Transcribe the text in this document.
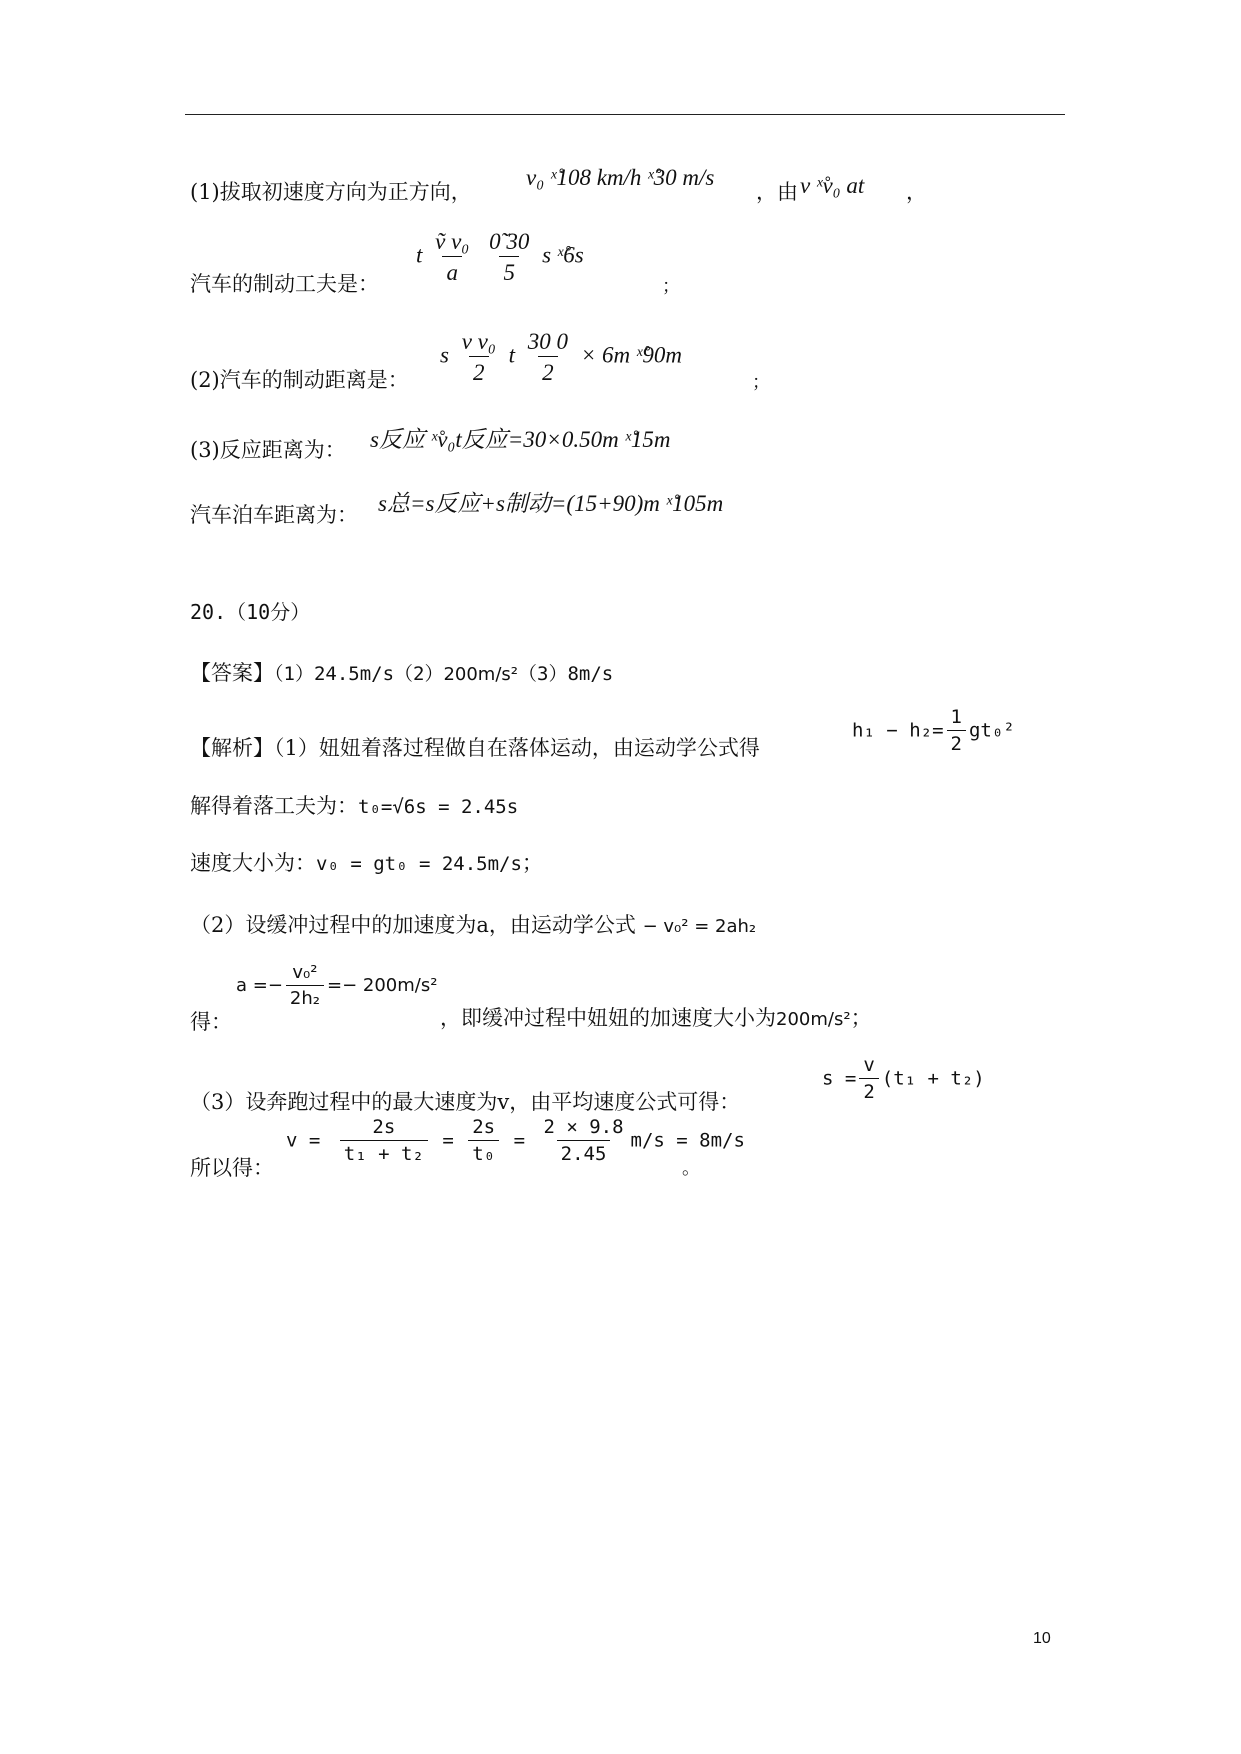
(1)拔取初速度方向为正方向，
v₀ ˣ̊108 km/h ˣ̊30 m/s
，由 v ˣ̊v₀ at ，
汽车的制动工夫是：
t $\frac{\text{ṽ v₀}}{a}$
$\frac{0̃ 30}{5}$ s ˣ̊6s
；
(2)汽车的制动距离是：
s $\frac{\text{v v₀}}{2}$ t $\frac{30 0}{2} \times 6m$ ˣ̊90m
；
(3)反应距离为： s反应 ˣ̊v₀t反应=30×0.50m ˣ̊15m
汽车泊车距离为： s总=s反应+s制动=(15+90)m ˣ̊105m
20.（10分）
【答案】（1）24.5m/s（2）200m/s²（3）8m/s
【解析】（1）妞妞着落过程做自在落体运动，由运动学公式得
$h_1 - h_2= \frac{1}{2} gt_0^2$
解得着落工夫为：t₀=√6s = 2.45s
速度大小为：v₀ = gt₀ = 24.5m/s；
（2）设缓冲过程中的加速度为a，由运动学公式 − v₀² = 2ah₂
得：
$a =- \frac{\text{v₀²}}{\text{2h₂}} =- 200m/s^2$
，即缓冲过程中妞妞的加速度大小为200m/s²；
（3）设奔跑过程中的最大速度为v，由平均速度公式可得：
$s = \frac{v}{2} (t_1 + t_2)$
所以得：
$v = \frac{2s}{\text{t₁ + t₂}} = \frac{2s}{\text{t₀}} = \frac{2 \times 9.8}{2.45} m/s = 8m/s$
。
10
